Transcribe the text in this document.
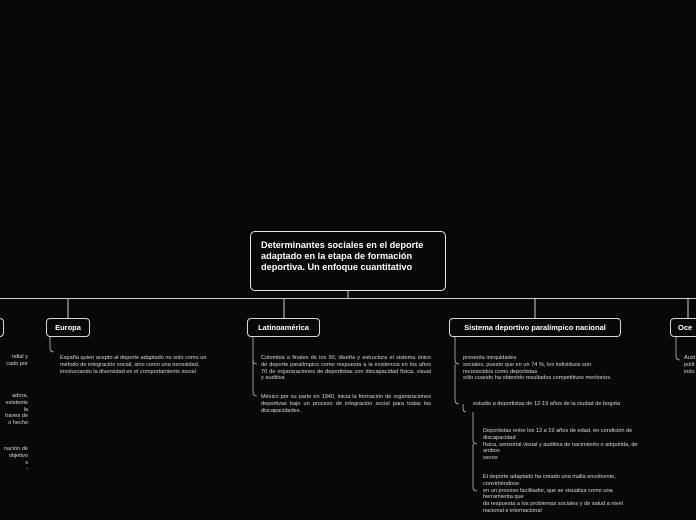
Determinantes sociales en el deporte adaptado en la etapa de formación deportiva. Un enfoque cuantitativo
ndial y
cado por
adora,
esistente
la
traves de
o hecho
nación de
objetivo
s
-
Europa
España quien acepto al deporte adaptado no solo como un método de integración social, sino como una necesidad, involucrando la diversidad en el comportamiento social
Latinoamérica
Colombia a finales de los 90, diseña y estructura el sistema único de deporte paralímpico como respuesta a la existencia en los años 70 de organizaciones de deportistas con discapacidad física, visual y auditiva
México por su parte en 1940, inicia la formación de organizaciones deportivas bajo un proceso de integración social para todas las discapacidades.
Sistema deportivo paralímpico nacional
presenta inequidades
sociales, puesto que en un 74 %, los individuos son
reconocidos como deportistas
sólo cuando ha obtenido resultados competitivos meritorios.
estudio a deportistas de 12-19 años de la ciudad de bogota
Deportistas entre los 12 a 19 años de edad, en condición de
discapacidad
física, sensorial visual y auditiva de nacimiento o adquirida, de
ambos
sexos
El deporte adaptado ha creado una malla envolvente,
convirtiéndose
en un proceso facilitador, que se visualiza como una
herramienta que
da respuesta a los problemas sociales y de salud a nivel
nacional e internacional
Oce
Aust
polít
indu
